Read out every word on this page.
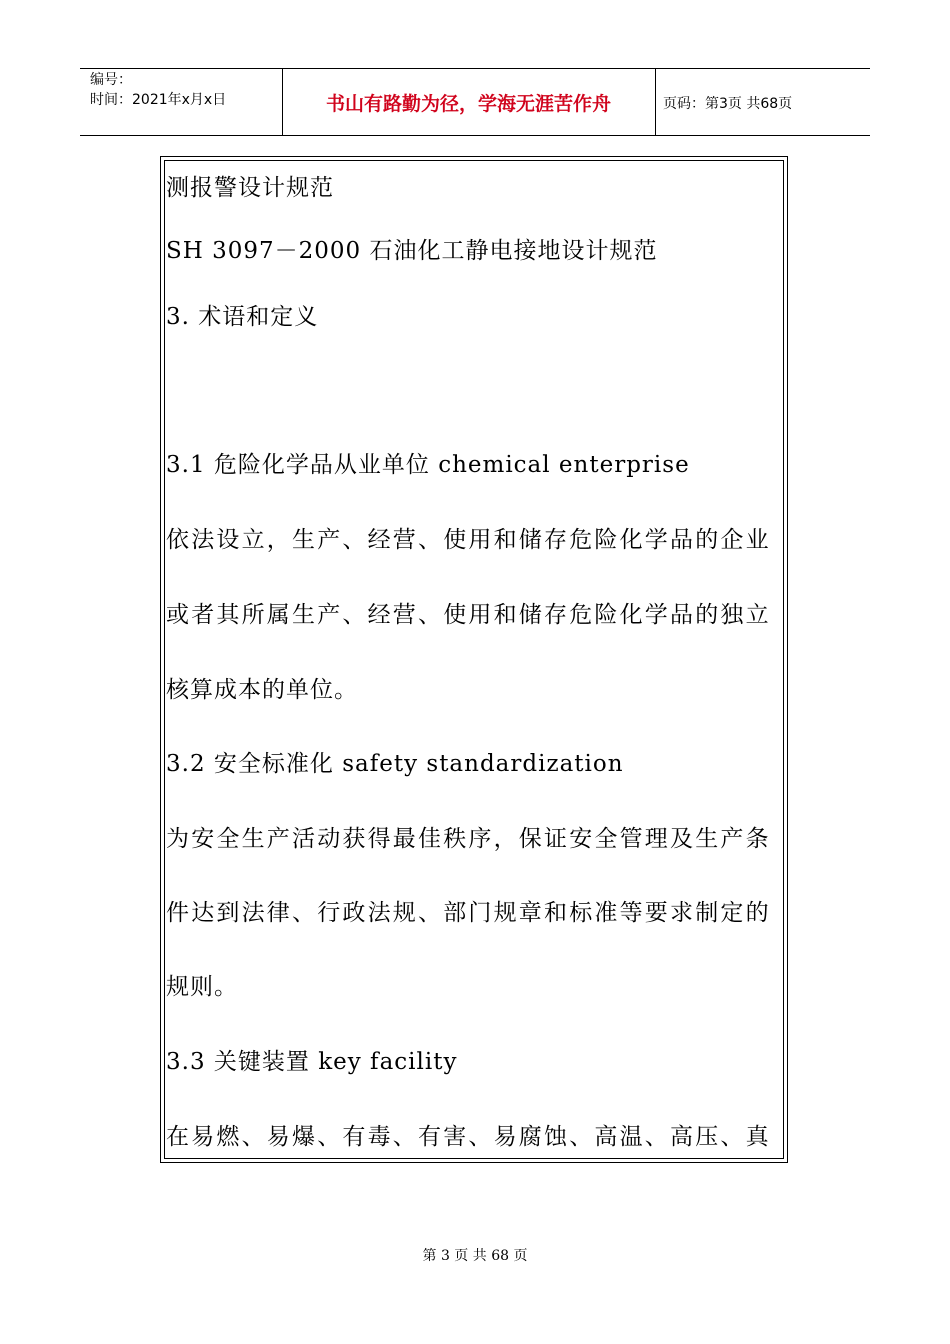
编号：
时间：2021年x月x日	书山有路勤为径，学海无涯苦作舟	页码：第3页 共68页
测报警设计规范
SH 3097－2000 石油化工静电接地设计规范
3. 术语和定义
3.1 危险化学品从业单位 chemical enterprise
依法设立，生产、经营、使用和储存危险化学品的企业
或者其所属生产、经营、使用和储存危险化学品的独立
核算成本的单位。
3.2 安全标准化 safety standardization
为安全生产活动获得最佳秩序，保证安全管理及生产条
件达到法律、行政法规、部门规章和标准等要求制定的
规则。
3.3 关键装置 key facility
在易燃、易爆、有毒、有害、易腐蚀、高温、高压、真
第 3 页 共 68 页
